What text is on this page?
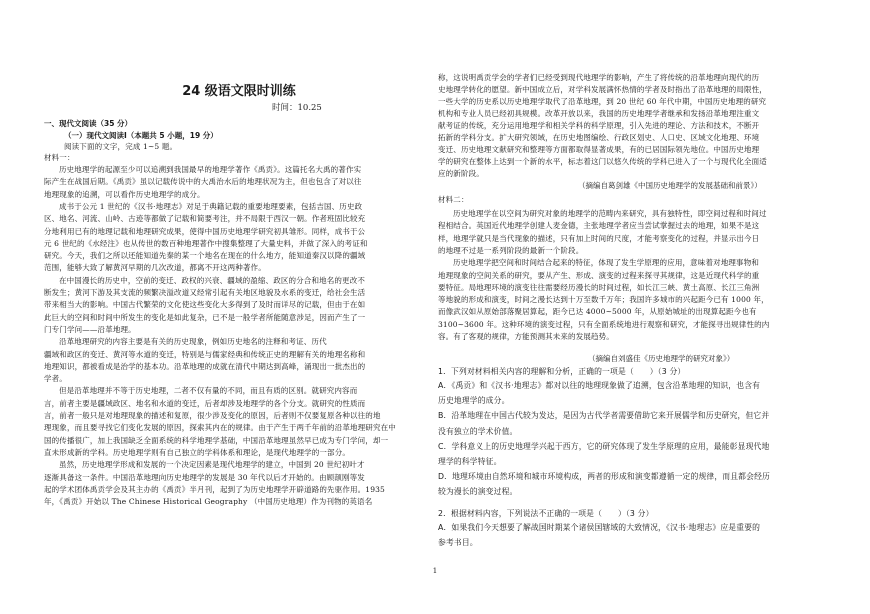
24 级语文限时训练
时间：10.25
一、现代文阅读（35 分）
（一）现代文阅读Ⅰ（本题共 5 小题，19 分）
阅读下面的文字，完成 1~5 题。
材料一：
历史地理学的起源至少可以追溯到我国最早的地理学著作《禹贡》。这篇托名大禹的著作实
际产生在战国后期。《禹贡》虽以记载传说中的大禹治水后的地理状况为主，但也包含了对以往
地理现象的追溯，可以看作历史地理学的成分。
成书于公元 1 世纪的《汉书·地理志》对足于典籍记载的重要地理要素，包括吉国、历史政
区、地名、河流、山岭、古迹等都做了记载和简要考注，并不局限于西汉一朝。作者班固比较充
分地利用已有的地理记载和地理研究成果，使得中国历史地理学研究初具雏形。同样，成书于公
元 6 世纪的《水经注》也从传世的数百种地理著作中搜集整理了大量史料，并做了深入的考证和
研究。今天，我们之所以还能知道先秦的某一个地名在现在的什么地方，能知道秦汉以降的疆域
范围，能够大致了解黄河早期的几次改道，都离不开这两种著作。
在中国漫长的历史中，空前的变迁、政权的兴衰、疆域的盈缩、政区的分合和地名的更改不
断发生；黄河下游及其支流的频繁决溢改道又经常引起有关地区地貌及水系的变迁，给社会生活
带来相当大的影响。中国古代繁荣的文化使这些变化大多得到了及时而详尽的记载，但由于在如
此巨大的空间和时间中所发生的变化是如此复杂，已不是一般学者所能随意涉足，因而产生了一
门专门学问——沿革地理。
沿革地理研究的内容主要是有关的历史现象，例如历史地名的注释和考证、历代
疆域和政区的变迁、黄河等水道的变迁，特别是与儒家经典和传统正史的理解有关的地理名称和
地理知识，都被看成是治学的基本功。沿革地理的成就在清代中期达到高峰，涌现出一批杰出的
学者。
但是沿革地理并不等于历史地理，二者不仅有量的不同，而且有质的区别。就研究内容而
言，前者主要是疆域政区、地名和水道的变迁，后者却涉及地理学的各个分支。就研究的性质而
言，前者一般只是对地理现象的描述和复原，很少涉及变化的原因，后者则不仅要复原各种以往的地
理现象，而且要寻找它们变化发展的原因，探索其内在的规律。由于产生于两千年前的沿革地理研究在中
国的传播很广，加上我国缺乏全面系统的科学地理学基础，中国沿革地理虽然早已成为专门学问，却一
直未形成新的学科。历史地理学则有自己独立的学科体系和理论，是现代地理学的一部分。
虽然，历史地理学形成和发展的一个决定因素是现代地理学的建立，中国到 20 世纪初叶才
逐渐具备这一条件。中国沿革地理向历史地理学的发展是 30 年代以后才开始的。由顾颉刚等发
起的学术团体禹贡学会及其主办的《禹贡》半月刊，起到了为历史地理学开辟道路的先驱作用。1935
年，《禹贡》开始以 The Chinese Historical Geography （中国历史地理）作为刊物的英语名
称，这说明禹贡学会的学者们已经受到现代地理学的影响，产生了将传统的沿革地理向现代的历
史地理学转化的愿望。新中国成立后，对学科发展满怀热情的学者及时指出了沿革地理的局限性，
一些大学的历史系以历史地理学取代了沿革地理，到 20 世纪 60 年代中期，中国历史地理的研究
机构和专业人员已经初具规模。改革开放以来，我国的历史地理学者继承和发扬沿革地理注重文
献考证的传统，充分运用地理学和相关学科的科学原理，引入先进的理论、方法和技术，不断开
拓新的学科分支。扩大研究领域，在历史地图编绘、行政区划史、人口史、区域文化地理、环境
变迁、历史地理文献研究和整理等方面都取得显著成果，有的已居国际领先地位。中国历史地理
学的研究在整体上达到一个新的水平，标志着这门以悠久传统的学科已进入了一个与现代化全面适
应的新阶段。
（摘编自葛剑雄《中国历史地理学的发展基础和前景》）
材料二：
历史地理学在以空间为研究对象的地理学的范畴内来研究，具有独特性，即空间过程和时间过
程相结合。英国近代地理学创建人麦金德，主张地理学者应当尝试掌握过去的地理，如果不是这
样，地理学就只是当代现象的描述，只有加上时间的尺度，才能考察变化的过程，并显示出今日
的地理不过是一系列阶段的最新一个阶段。
历史地理学把空间和时间结合起来的特征，体现了发生学原理的应用，意味着对地理事物和
地理现象的空间关系的研究，要从产生、形成、演变的过程来探寻其规律，这是近现代科学的重
要特征。局地理环境的演变往往需要经历漫长的时间过程，如长江三峡、黄土高原、长江三角洲
等地貌的形成和演变，时间之漫长达到十万至数千万年；我国许多城市的兴起距今已有 1000 年，
而像武汉如从原始部落聚居算起，距今已达 4000~5000 年，从原始城址的出现算起距今也有
3100~3600 年。这种环境的演变过程，只有全面系统地进行观察和研究，才能探寻出规律性的内
容。有了客观的规律，方能预测其未来的发展趋势。
（摘编自刘盛佳《历史地理学的研究对象》）
1．下列对材料相关内容的理解和分析，正确的一项是（　　）（3 分）
A．《禹贡》和《汉书·地理志》都对以往的地理现象做了追溯，包含沿革地理的知识，也含有
历史地理学的成分。
B．沿革地理在中国古代较为发达，是因为古代学者需要借助它来开展儒学和历史研究，但它并
没有独立的学术价值。
C．学科意义上的历史地理学兴起于西方，它的研究体现了发生学原理的应用，最能彰显现代地
理学的科学特征。
D．地理环境由自然环境和城市环境构成，两者的形成和演变都遵循一定的规律，而且都会经历
较为漫长的演变过程。
2．根据材料内容，下列说法不正确的一项是（　　）（3 分）
A．如果我们今天想要了解战国时期某个诸侯国辖域的大致情况，《汉书·地理志》应是重要的
参考书目。
1
